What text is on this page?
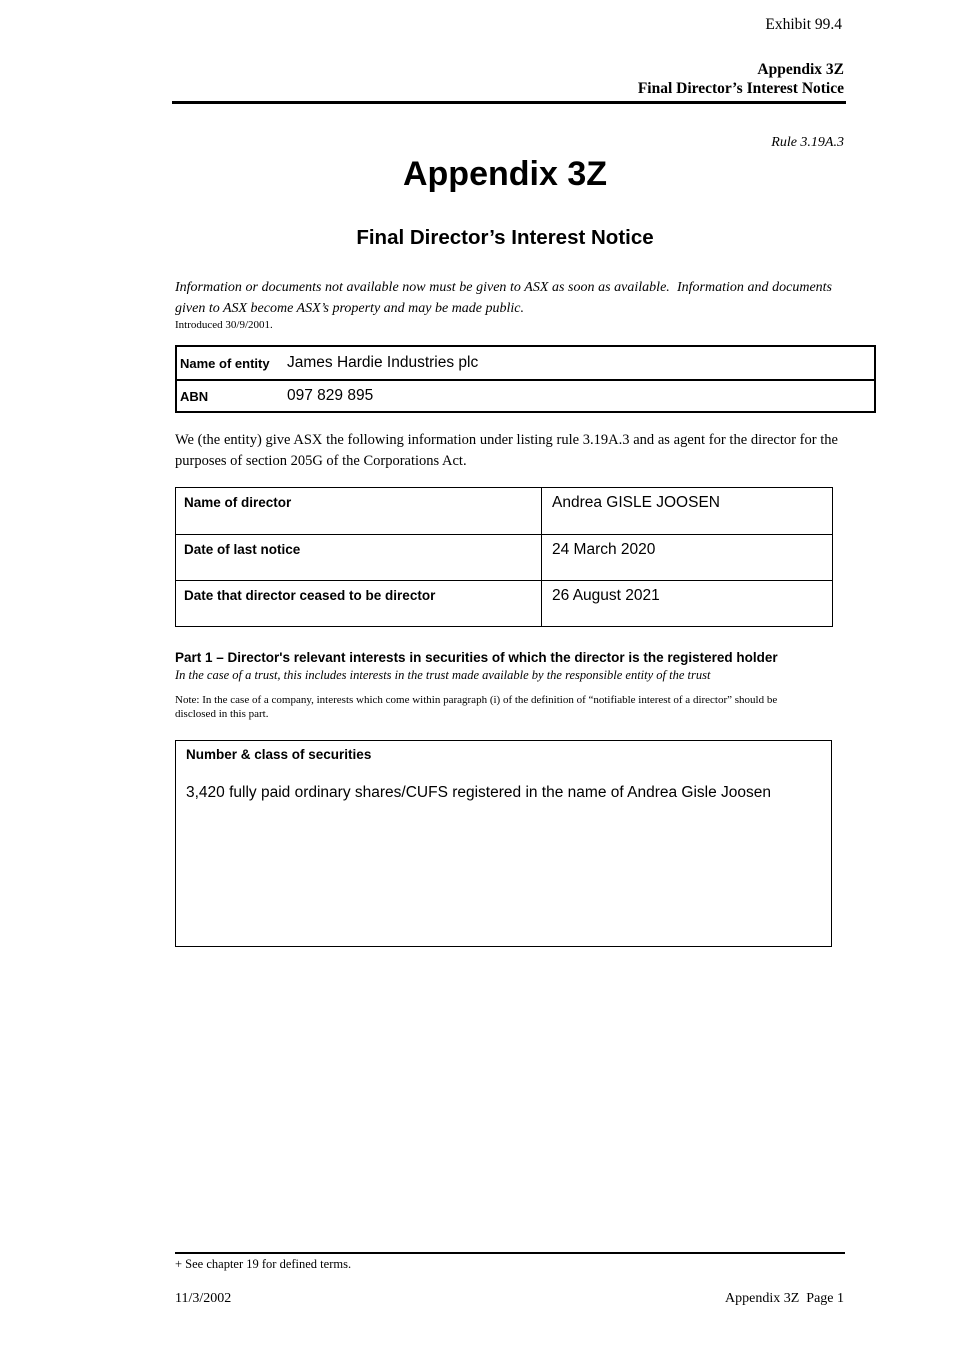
Exhibit 99.4
Appendix 3Z
Final Director’s Interest Notice
Rule 3.19A.3
Appendix 3Z
Final Director’s Interest Notice
Information or documents not available now must be given to ASX as soon as available.  Information and documents given to ASX become ASX’s property and may be made public.
Introduced 30/9/2001.
Name of entity	James Hardie Industries plc
ABN	097 829 895
We (the entity) give ASX the following information under listing rule 3.19A.3 and as agent for the director for the purposes of section 205G of the Corporations Act.
Name of director	Andrea GISLE JOOSEN
Date of last notice	24 March 2020
Date that director ceased to be director	26 August 2021
Part 1 – Director's relevant interests in securities of which the director is the registered holder
In the case of a trust, this includes interests in the trust made available by the responsible entity of the trust
Note: In the case of a company, interests which come within paragraph (i) of the definition of “notifiable interest of a director” should be disclosed in this part.
Number & class of securities
3,420 fully paid ordinary shares/CUFS registered in the name of Andrea Gisle Joosen
+ See chapter 19 for defined terms.
11/3/2002	Appendix 3Z  Page 1
